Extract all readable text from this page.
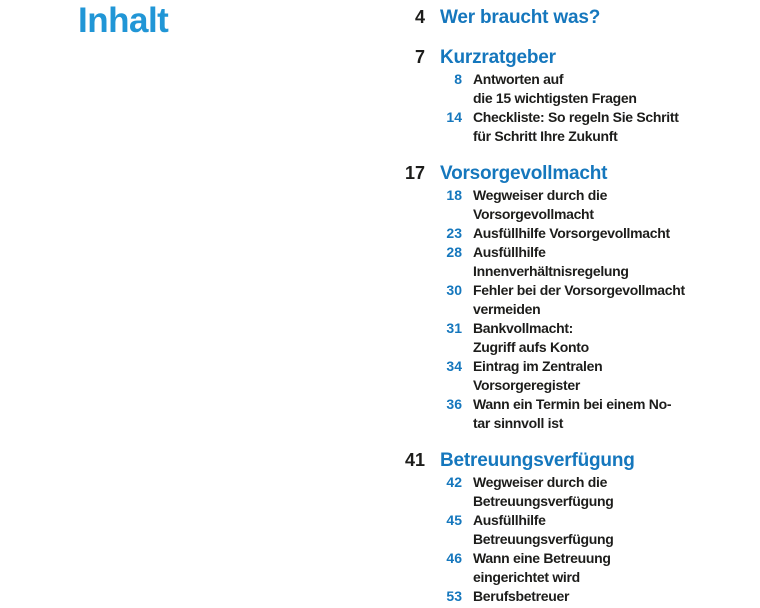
Inhalt	4 Wer braucht was?
7 Kurzratgeber
8 Antworten auf
die 15 wichtigsten Fragen
14 Checkliste: So regeln Sie Schritt
für Schritt Ihre Zukunft
17 Vorsorgevollmacht
18 Wegweiser durch die
Vorsorgevollmacht
23 Ausfüllhilfe Vorsorgevollmacht
28 Ausfüllhilfe
Innenverhältnisregelung
30 Fehler bei der Vorsorgevollmacht
vermeiden
31 Bankvollmacht:
Zugriff aufs Konto
34 Eintrag im Zentralen
Vorsorgeregister
36 Wann ein Termin bei einem No-
tar sinnvoll ist
41 Betreuungsverfügung
42 Wegweiser durch die
Betreuungsverfügung
45 Ausfüllhilfe
Betreuungsverfügung
46 Wann eine Betreuung
eingerichtet wird
53 Berufsbetreuer
